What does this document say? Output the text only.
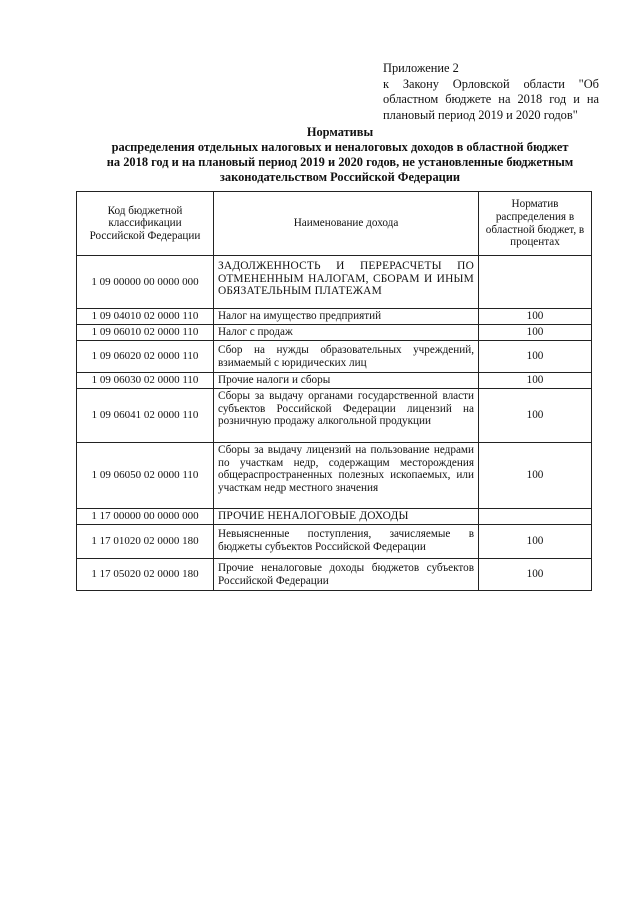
Приложение 2
к Закону Орловской области "Об
областном бюджете на 2018 год и на
плановый период 2019 и 2020 годов"
Нормативы
распределения отдельных налоговых и неналоговых доходов в областной бюджет
на 2018 год и на плановый период 2019 и 2020 годов, не установленные бюджетным
законодательством Российской Федерации
Код бюджетной классификации Российской Федерации	Наименование дохода	Норматив распределения в областной бюджет, в процентах
1 09 00000 00 0000 000	ЗАДОЛЖЕННОСТЬ И ПЕРЕРАСЧЕТЫ ПО ОТМЕНЕННЫМ НАЛОГАМ, СБОРАМ И ИНЫМ ОБЯЗАТЕЛЬНЫМ ПЛАТЕЖАМ	
1 09 04010 02 0000 110	Налог на имущество предприятий	100
1 09 06010 02 0000 110	Налог с продаж	100
1 09 06020 02 0000 110	Сбор на нужды образовательных учреждений, взимаемый с юридических лиц	100
1 09 06030 02 0000 110	Прочие налоги и сборы	100
1 09 06041 02 0000 110	Сборы за выдачу органами государственной власти субъектов Российской Федерации лицензий на розничную продажу алкогольной продукции	100
1 09 06050 02 0000 110	Сборы за выдачу лицензий на пользование недрами по участкам недр, содержащим месторождения общераспространенных полезных ископаемых, или участкам недр местного значения	100
1 17 00000 00 0000 000	ПРОЧИЕ НЕНАЛОГОВЫЕ ДОХОДЫ	
1 17 01020 02 0000 180	Невыясненные поступления, зачисляемые в бюджеты субъектов Российской Федерации	100
1 17 05020 02 0000 180	Прочие неналоговые доходы бюджетов субъектов Российской Федерации	100
